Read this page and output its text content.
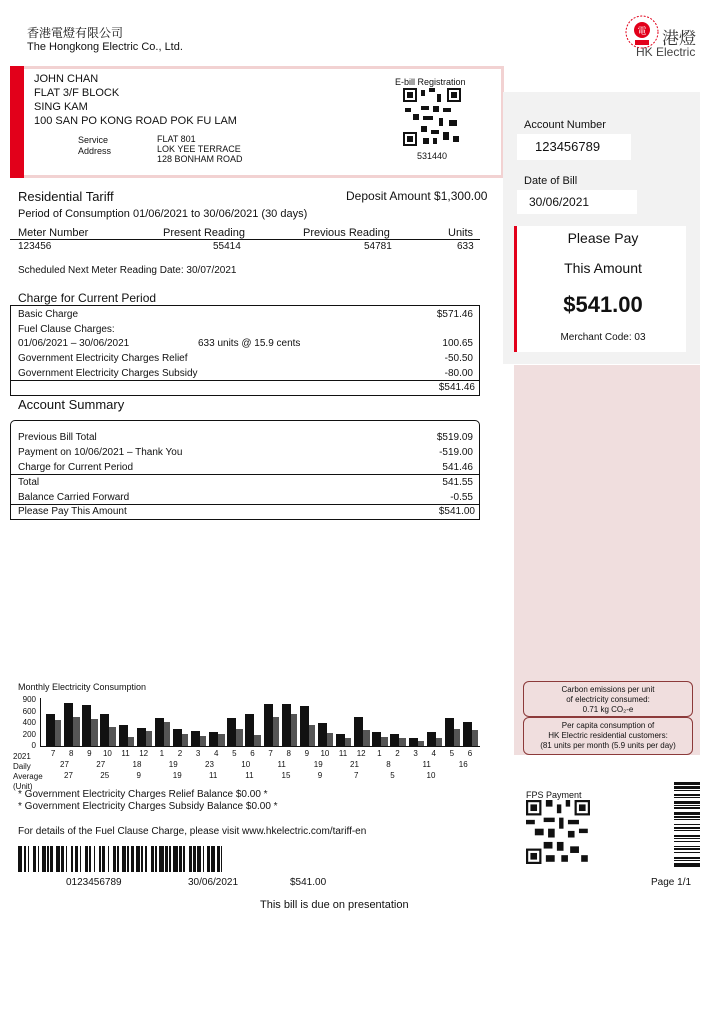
香港電燈有限公司
The Hongkong Electric Co., Ltd.
電 港燈
HK Electric
JOHN CHAN
FLAT 3/F BLOCK
SING KAM
100 SAN PO KONG ROAD POK FU LAM
Service
Address
FLAT 801
LOK YEE TERRACE
128 BONHAM ROAD
E-bill Registration
531440
Account Number
123456789
Date of Bill
30/06/2021
Please Pay
This Amount
$541.00
Merchant Code: 03
Carbon emissions per unit
of electricity consumed:
0.71 kg CO₂-e
Per capita consumption of
HK Electric residential customers:
(81 units per month (5.9 units per day)
Residential Tariff	Deposit Amount $1,300.00
Period of Consumption 01/06/2021 to 30/06/2021 (30 days)
Meter Number	Present Reading	Previous Reading	Units
123456	55414	54781	633
Scheduled Next Meter Reading Date: 30/07/2021
Charge for Current Period
Basic Charge	$571.46
Fuel Clause Charges:
01/06/2021 – 30/06/2021	633 units @ 15.9 cents	100.65
Government Electricity Charges Relief	-50.50
Government Electricity Charges Subsidy	-80.00
$541.46
Account Summary
Previous Bill Total	$519.09
Payment on 10/06/2021 – Thank You	-519.00
Charge for Current Period	541.46
Total	541.55
Balance Carried Forward	-0.55
Please Pay This Amount	$541.00
Monthly Electricity Consumption
900
600
400
200
0
7	8	9	10	11	12	1	2	3	4	5	6	7	8	9	10	11	12	1	2	3	4	5	6
27	27	18	19	23	10	11	19	21	8	11	16
27	25	9	19	11	11	15	9	7	5	10
2021
Daily
Average
(Unit)
* Government Electricity Charges Relief Balance $0.00 *
* Government Electricity Charges Subsidy Balance $0.00 *
For details of the Fuel Clause Charge, please visit www.hkelectric.com/tariff-en
0123456789	30/06/2021	$541.00
This bill is due on presentation
FPS Payment
Page 1/1
